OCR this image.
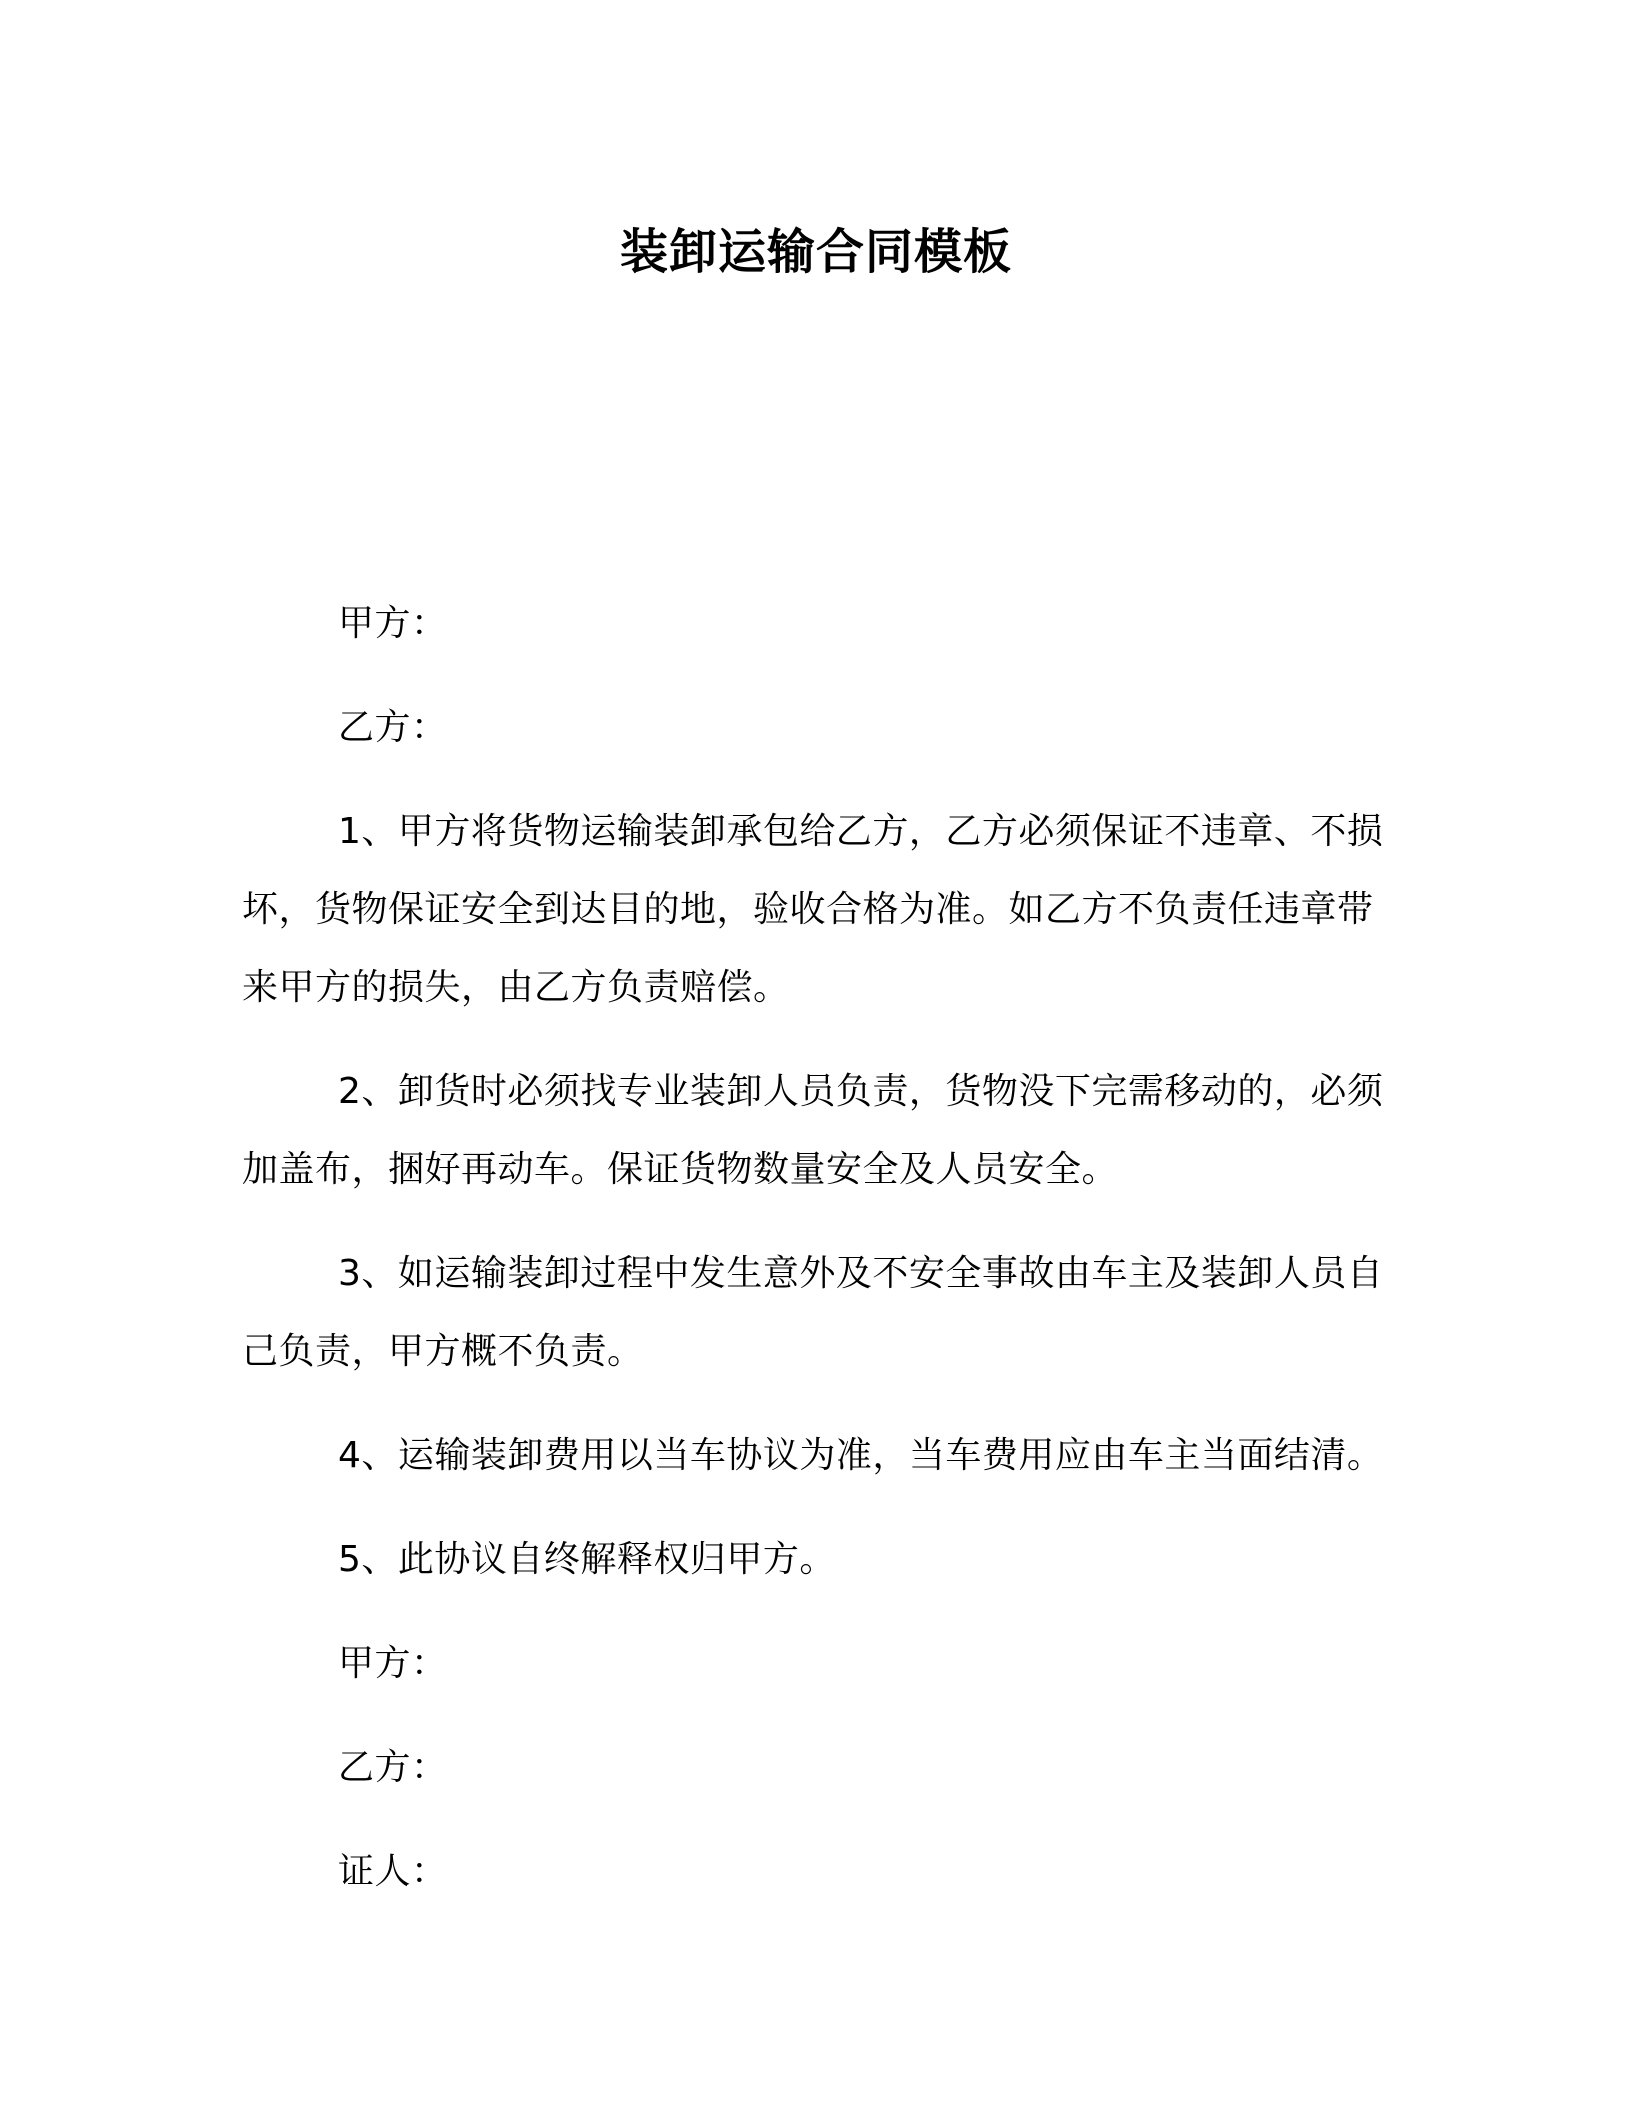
装卸运输合同模板

甲方：

乙方：

1、甲方将货物运输装卸承包给乙方，乙方必须保证不违章、不损坏，货物保证安全到达目的地，验收合格为准。如乙方不负责任违章带来甲方的损失，由乙方负责赔偿。

2、卸货时必须找专业装卸人员负责，货物没下完需移动的，必须加盖布，捆好再动车。保证货物数量安全及人员安全。

3、如运输装卸过程中发生意外及不安全事故由车主及装卸人员自己负责，甲方概不负责。

4、运输装卸费用以当车协议为准，当车费用应由车主当面结清。

5、此协议自终解释权归甲方。

甲方：

乙方：

证人：
